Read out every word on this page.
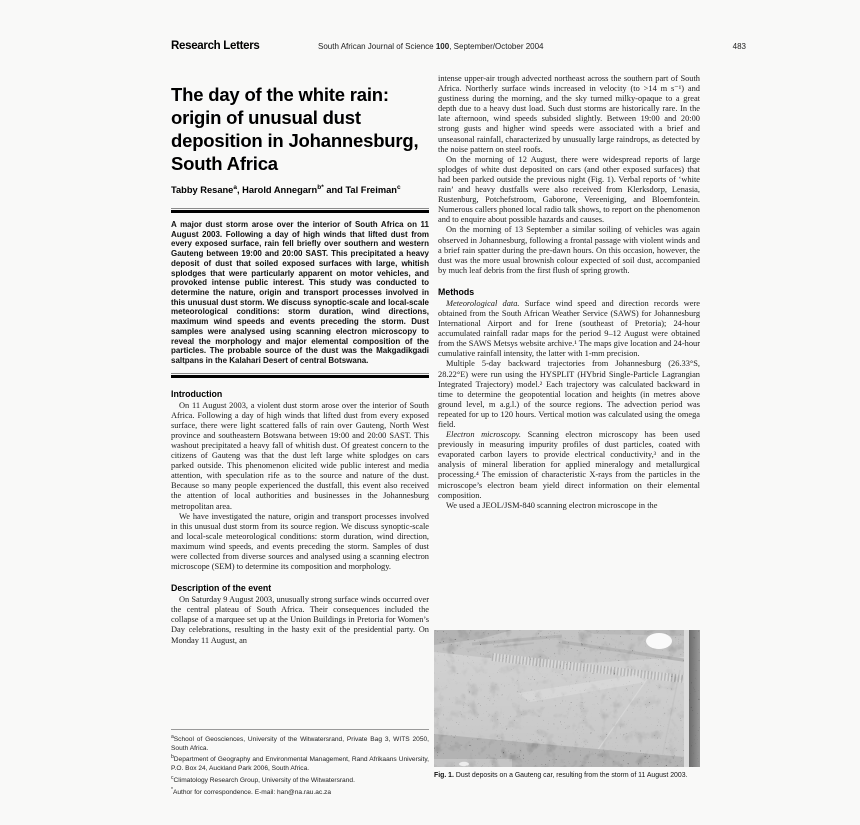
Research Letters	South African Journal of Science 100, September/October 2004	483
The day of the white rain: origin of unusual dust deposition in Johannesburg, South Africa
Tabby Resane$^a$, Harold Annegarn$^{b*}$ and Tal Freiman$^c$
A major dust storm arose over the interior of South Africa on 11 August 2003. Following a day of high winds that lifted dust from every exposed surface, rain fell briefly over southern and western Gauteng between 19:00 and 20:00 SAST. This precipitated a heavy deposit of dust that soiled exposed surfaces with large, whitish splodges that were particularly apparent on motor vehicles, and provoked intense public interest. This study was conducted to determine the nature, origin and transport processes involved in this unusual dust storm. We discuss synoptic-scale and local-scale meteorological conditions: storm duration, wind directions, maximum wind speeds and events preceding the storm. Dust samples were analysed using scanning electron microscopy to reveal the morphology and major elemental composition of the particles. The probable source of the dust was the Makgadikgadi saltpans in the Kalahari Desert of central Botswana.
Introduction
On 11 August 2003, a violent dust storm arose over the interior of South Africa. Following a day of high winds that lifted dust from every exposed surface, there were light scattered falls of rain over Gauteng, North West province and southeastern Botswana between 19:00 and 20:00 SAST. This washout precipitated a heavy fall of whitish dust. Of greatest concern to the citizens of Gauteng was that the dust left large white splodges on cars parked outside. This phenomenon elicited wide public interest and media attention, with speculation rife as to the source and nature of the dust. Because so many people experienced the dustfall, this event also received the attention of local authorities and businesses in the Johannesburg metropolitan area.
We have investigated the nature, origin and transport processes involved in this unusual dust storm from its source region. We discuss synoptic-scale and local-scale meteorological conditions: storm duration, wind direction, maximum wind speeds, and events preceding the storm. Samples of dust were collected from diverse sources and analysed using a scanning electron microscope (SEM) to determine its composition and morphology.
Description of the event
On Saturday 9 August 2003, unusually strong surface winds occurred over the central plateau of South Africa. Their consequences included the collapse of a marquee set up at the Union Buildings in Pretoria for Women’s Day celebrations, resulting in the hasty exit of the presidential party. On Monday 11 August, an
$^a$School of Geosciences, University of the Witwatersrand, Private Bag 3, WITS 2050, South Africa.
$^b$Department of Geography and Environmental Management, Rand Afrikaans University, P.O. Box 24, Auckland Park 2006, South Africa.
$^c$Climatology Research Group, University of the Witwatersrand.
*Author for correspondence. E-mail: han@na.rau.ac.za
intense upper-air trough advected northeast across the southern part of South Africa. Northerly surface winds increased in velocity (to >14 m s⁻¹) and gustiness during the morning, and the sky turned milky-opaque to a great depth due to a heavy dust load. Such dust storms are historically rare. In the late afternoon, wind speeds subsided slightly. Between 19:00 and 20:00 strong gusts and higher wind speeds were associated with a brief and unseasonal rainfall, characterized by unusually large raindrops, as detected by the noise pattern on steel roofs.
On the morning of 12 August, there were widespread reports of large splodges of white dust deposited on cars (and other exposed surfaces) that had been parked outside the previous night (Fig. 1). Verbal reports of ‘white rain’ and heavy dustfalls were also received from Klerksdorp, Lenasia, Rustenburg, Potchefstroom, Gaborone, Vereeniging, and Bloemfontein. Numerous callers phoned local radio talk shows, to report on the phenomenon and to enquire about possible hazards and causes.
On the morning of 13 September a similar soiling of vehicles was again observed in Johannesburg, following a frontal passage with violent winds and a brief rain spatter during the pre-dawn hours. On this occasion, however, the dust was the more usual brownish colour expected of soil dust, accompanied by much leaf debris from the first flush of spring growth.
Methods
Meteorological data. Surface wind speed and direction records were obtained from the South African Weather Service (SAWS) for Johannesburg International Airport and for Irene (southeast of Pretoria); 24-hour accumulated rainfall radar maps for the period 9–12 August were obtained from the SAWS Metsys website archive.¹ The maps give location and 24-hour cumulative rainfall intensity, the latter with 1-mm precision.
Multiple 5-day backward trajectories from Johannesburg (26.33°S, 28.22°E) were run using the HYSPLIT (HYbrid Single-Particle Lagrangian Integrated Trajectory) model.² Each trajectory was calculated backward in time to determine the geopotential location and heights (in metres above ground level, m a.g.l.) of the source regions. The advection period was repeated for up to 120 hours. Vertical motion was calculated using the omega field.
Electron microscopy. Scanning electron microscopy has been used previously in measuring impurity profiles of dust particles, coated with evaporated carbon layers to provide electrical conductivity,³ and in the analysis of mineral liberation for applied mineralogy and metallurgical processing.⁴ The emission of characteristic X-rays from the particles in the microscope’s electron beam yield direct information on their elemental composition.
We used a JEOL/JSM-840 scanning electron microscope in the
Fig. 1. Dust deposits on a Gauteng car, resulting from the storm of 11 August 2003.
